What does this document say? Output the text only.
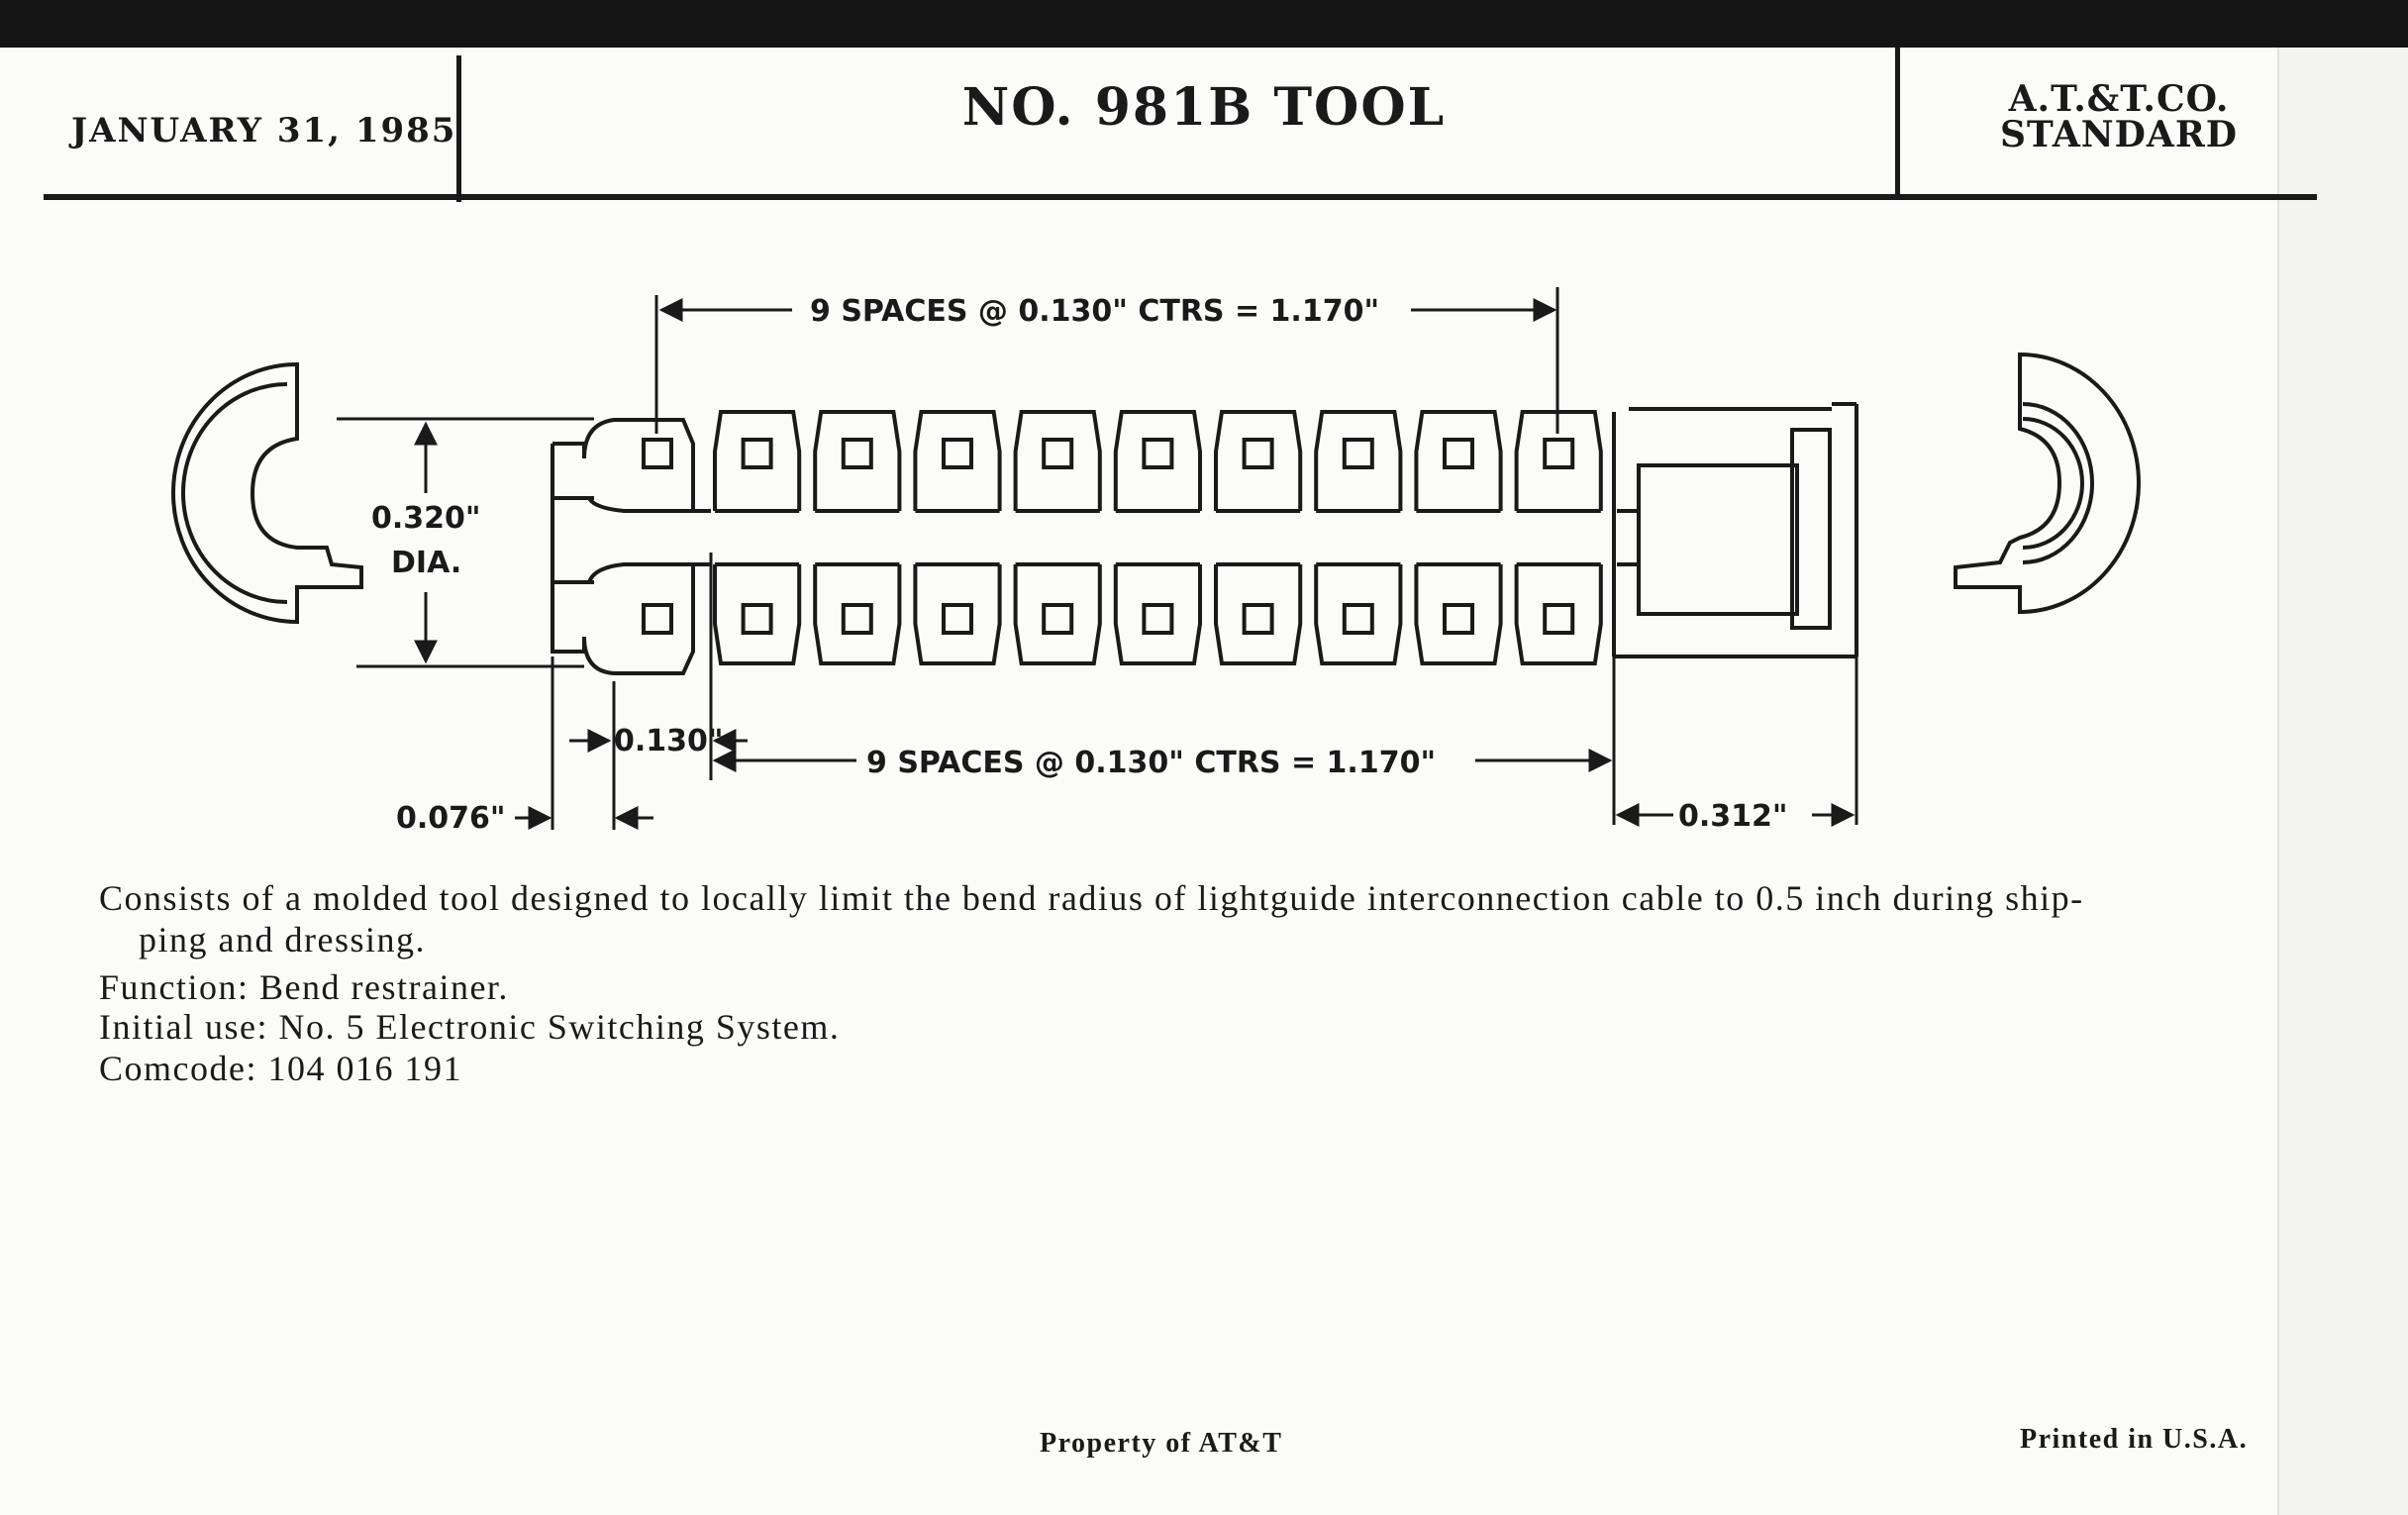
JANUARY 31, 1985	NO. 981B TOOL	A.T.&T.CO.
STANDARD
9 SPACES @ 0.130" CTRS = 1.170"
0.320"
DIA.
0.130"
9 SPACES @ 0.130" CTRS = 1.170"
0.076"	0.312"
Consists of a molded tool designed to locally limit the bend radius of lightguide interconnection cable to 0.5 inch during ship-
ping and dressing.
Function: Bend restrainer.
Initial use: No. 5 Electronic Switching System.
Comcode: 104 016 191
Property of AT&T	Printed in U.S.A.
